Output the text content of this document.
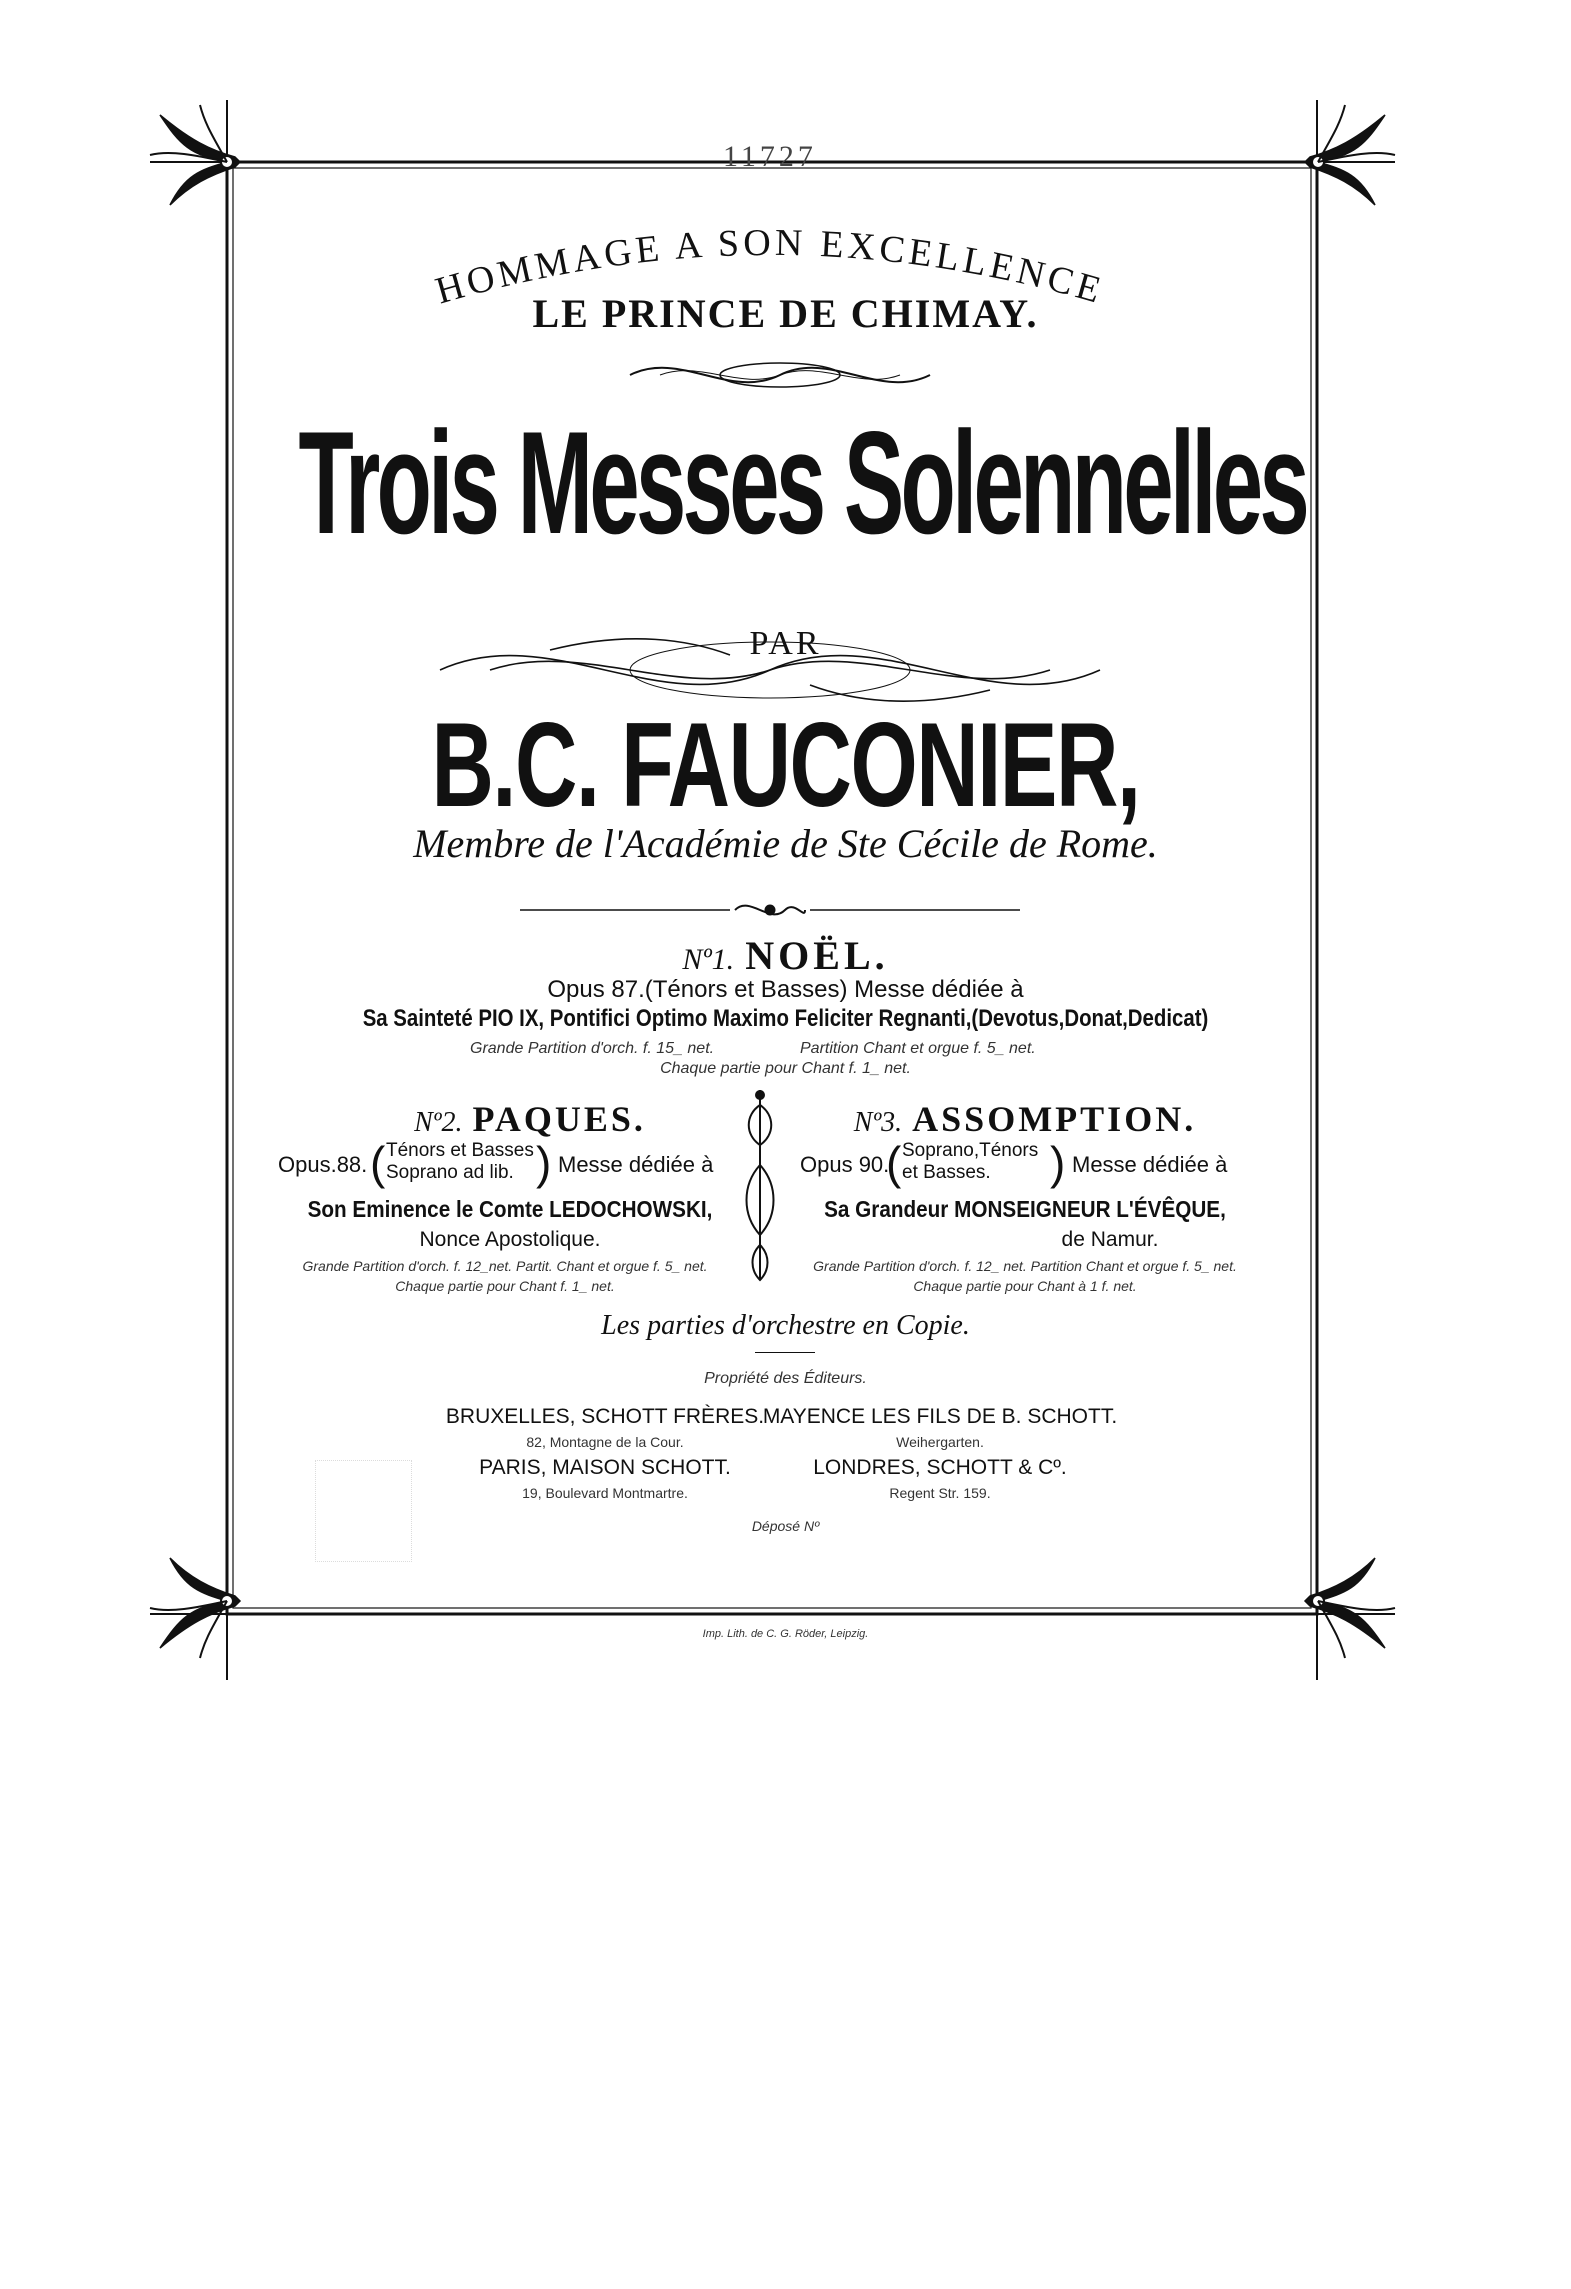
11727
HOMMAGE A SON EXCELLENCE
LE PRINCE DE CHIMAY.
Trois Messes Solennelles
PAR
B.C. FAUCONIER,
Membre de l'Académie de Ste Cécile de Rome.
Nº1. NOËL.
Opus 87.(Ténors et Basses) Messe dédiée à
Sa Sainteté PIO IX, Pontifici Optimo Maximo Feliciter Regnanti,(Devotus,Donat,Dedicat)
Grande Partition d'orch. f. 15_ net.	Partition Chant et orgue f. 5_ net.
Chaque partie pour Chant f. 1_ net.
Nº2. PAQUES.
Opus.88. ( Ténors et Basses
Soprano ad lib. ) Messe dédiée à
Son Eminence le Comte LEDOCHOWSKI,
Nonce Apostolique.
Grande Partition d'orch. f. 12_net. Partit. Chant et orgue f. 5_ net.
Chaque partie pour Chant f. 1_ net.
Nº3. ASSOMPTION.
Opus 90.
( Soprano,Ténors
et Basses. ) Messe dédiée à
Sa Grandeur MONSEIGNEUR L'ÉVÊQUE,
de Namur.
Grande Partition d'orch. f. 12_ net. Partition Chant et orgue f. 5_ net.
Chaque partie pour Chant à 1 f. net.
Les parties d'orchestre en Copie.
Propriété des Éditeurs.
BRUXELLES, SCHOTT FRÈRES.
82, Montagne de la Cour.
MAYENCE LES FILS DE B. SCHOTT.
Weihergarten.
PARIS, MAISON SCHOTT.
19, Boulevard Montmartre.
LONDRES, SCHOTT & Cº.
Regent Str. 159.
Déposé Nº
Imp. Lith. de C. G. Röder, Leipzig.
